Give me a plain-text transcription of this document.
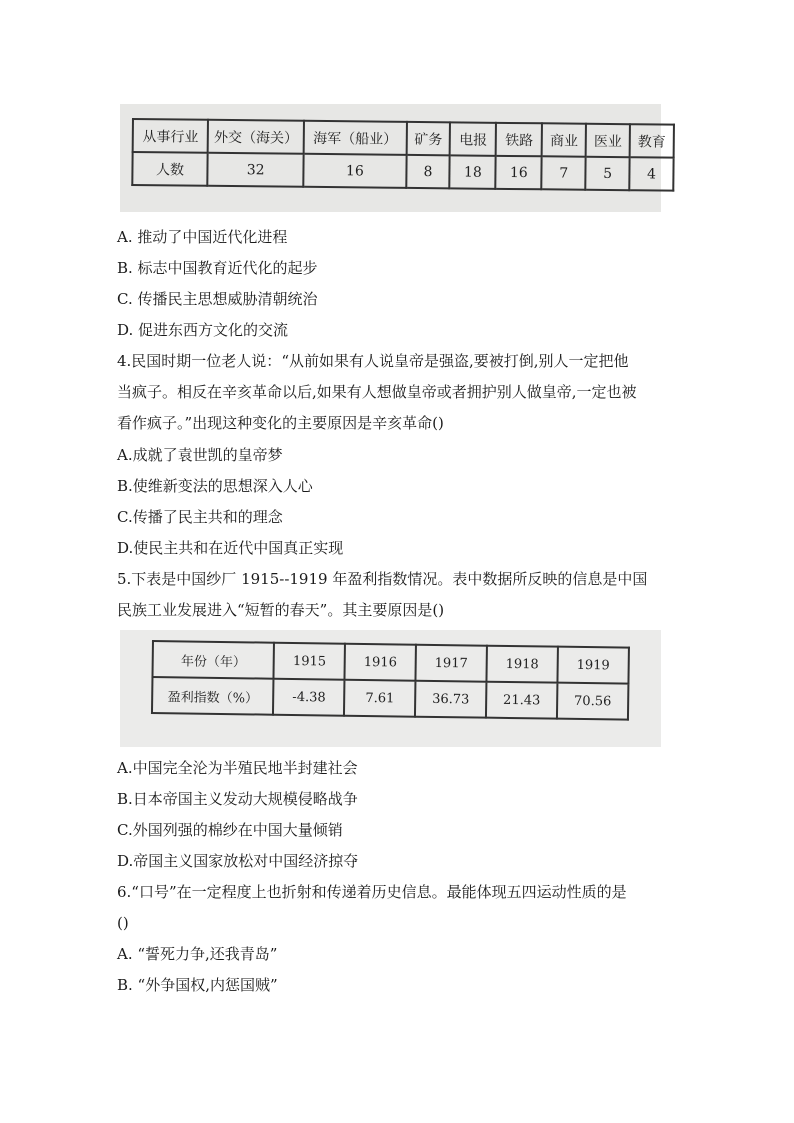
从事行业	外交（海关）	海军（船业）	矿务	电报	铁路	商业	医业	教育
人数	32	16	8	18	16	7	5	4
A. 推动了中国近代化进程
B. 标志中国教育近代化的起步
C. 传播民主思想威胁清朝统治
D. 促进东西方文化的交流
4.民国时期一位老人说：“从前如果有人说皇帝是强盗,要被打倒,别人一定把他
当疯子。相反在辛亥革命以后,如果有人想做皇帝或者拥护别人做皇帝,一定也被
看作疯子。”出现这种变化的主要原因是辛亥革命()
A.成就了袁世凯的皇帝梦
B.使维新变法的思想深入人心
C.传播了民主共和的理念
D.使民主共和在近代中国真正实现
5.下表是中国纱厂 1915--1919 年盈利指数情况。表中数据所反映的信息是中国
民族工业发展进入“短暂的春天”。其主要原因是()
年份（年）	1915	1916	1917	1918	1919
盈利指数（%）	-4.38	7.61	36.73	21.43	70.56
A.中国完全沦为半殖民地半封建社会
B.日本帝国主义发动大规模侵略战争
C.外国列强的棉纱在中国大量倾销
D.帝国主义国家放松对中国经济掠夺
6.“口号”在一定程度上也折射和传递着历史信息。最能体现五四运动性质的是
()
A. “誓死力争,还我青岛”
B. “外争国权,内惩国贼”
